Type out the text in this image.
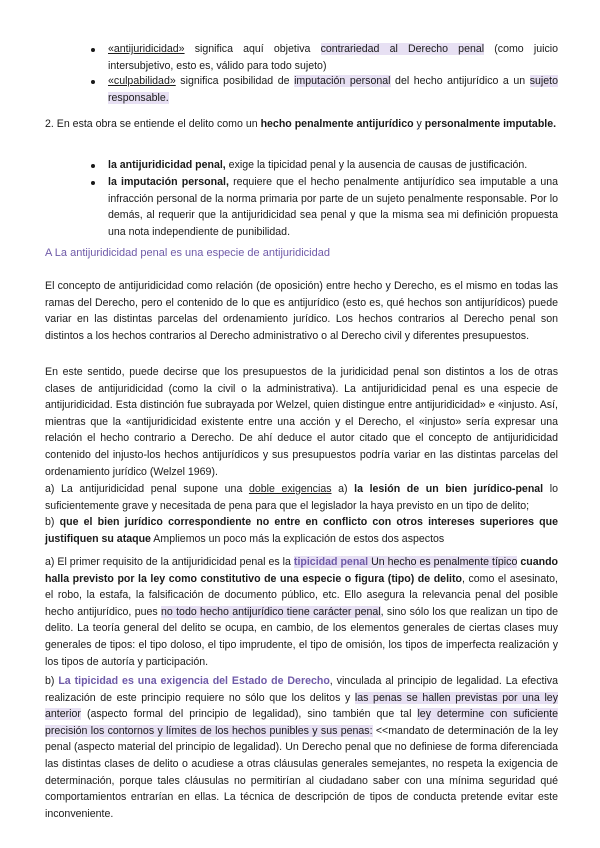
«antijuridicidad» significa aquí objetiva contrariedad al Derecho penal (como juicio intersubjetivo, esto es, válido para todo sujeto)
«culpabilidad» significa posibilidad de imputación personal del hecho antijurídico a un sujeto responsable.
2. En esta obra se entiende el delito como un hecho penalmente antijurídico y personalmente imputable.
la antijuridicidad penal, exige la tipicidad penal y la ausencia de causas de justificación.
la imputación personal, requiere que el hecho penalmente antijurídico sea imputable a una infracción personal de la norma primaria por parte de un sujeto penalmente responsable. Por lo demás, al requerir que la antijuridicidad sea penal y que la misma sea mi definición propuesta una nota independiente de punibilidad.
A La antijuridicidad penal es una especie de antijuridicidad
El concepto de antijuridicidad como relación (de oposición) entre hecho y Derecho, es el mismo en todas las ramas del Derecho, pero el contenido de lo que es antijurídico (esto es, qué hechos son antijurídicos) puede variar en las distintas parcelas del ordenamiento jurídico. Los hechos contrarios al Derecho penal son distintos a los hechos contrarios al Derecho administrativo o al Derecho civil y diferentes presupuestos.
En este sentido, puede decirse que los presupuestos de la juridicidad penal son distintos a los de otras clases de antijuridicidad (como la civil o la administrativa). La antijuridicidad penal es una especie de antijuridicidad. Esta distinción fue subrayada por Welzel, quien distingue entre antijuridicidad» e «injusto. Así, mientras que la «antijuridicidad existente entre una acción y el Derecho, el «injusto» sería expresar una relación el hecho contrario a Derecho. De ahí deduce el autor citado que el concepto de antijuridicidad contenido del injusto-los hechos antijurídicos y sus presupuestos podría variar en las distintas parcelas del ordenamiento jurídico (Welzel 1969).
a) La antijuridicidad penal supone una doble exigencias a) la lesión de un bien jurídico-penal lo suficientemente grave y necesitada de pena para que el legislador la haya previsto en un tipo de delito;
b) que el bien jurídico correspondiente no entre en conflicto con otros intereses superiores que justifiquen su ataque Ampliemos un poco más la explicación de estos dos aspectos
a) El primer requisito de la antijuridicidad penal es la tipicidad penal Un hecho es penalmente típico cuando halla previsto por la ley como constitutivo de una especie o figura (tipo) de delito, como el asesinato, el robo, la estafa, la falsificación de documento público, etc. Ello asegura la relevancia penal del posible hecho antijurídico, pues no todo hecho antijurídico tiene carácter penal, sino sólo los que realizan un tipo de delito. La teoría general del delito se ocupa, en cambio, de los elementos generales de ciertas clases muy generales de tipos: el tipo doloso, el tipo imprudente, el tipo de omisión, los tipos de imperfecta realización y los tipos de autoría y participación.
b) La tipicidad es una exigencia del Estado de Derecho, vinculada al principio de legalidad. La efectiva realización de este principio requiere no sólo que los delitos y las penas se hallen previstas por una ley anterior (aspecto formal del principio de legalidad), sino también que tal ley determine con suficiente precisión los contornos y límites de los hechos punibles y sus penas: <<mandato de determinación de la ley penal (aspecto material del principio de legalidad). Un Derecho penal que no definiese de forma diferenciada las distintas clases de delito o acudiese a otras cláusulas generales semejantes, no respeta la exigencia de determinación, porque tales cláusulas no permitirían al ciudadano saber con una mínima seguridad qué comportamientos entrarían en ellas. La técnica de descripción de tipos de conducta pretende evitar este inconveniente.
